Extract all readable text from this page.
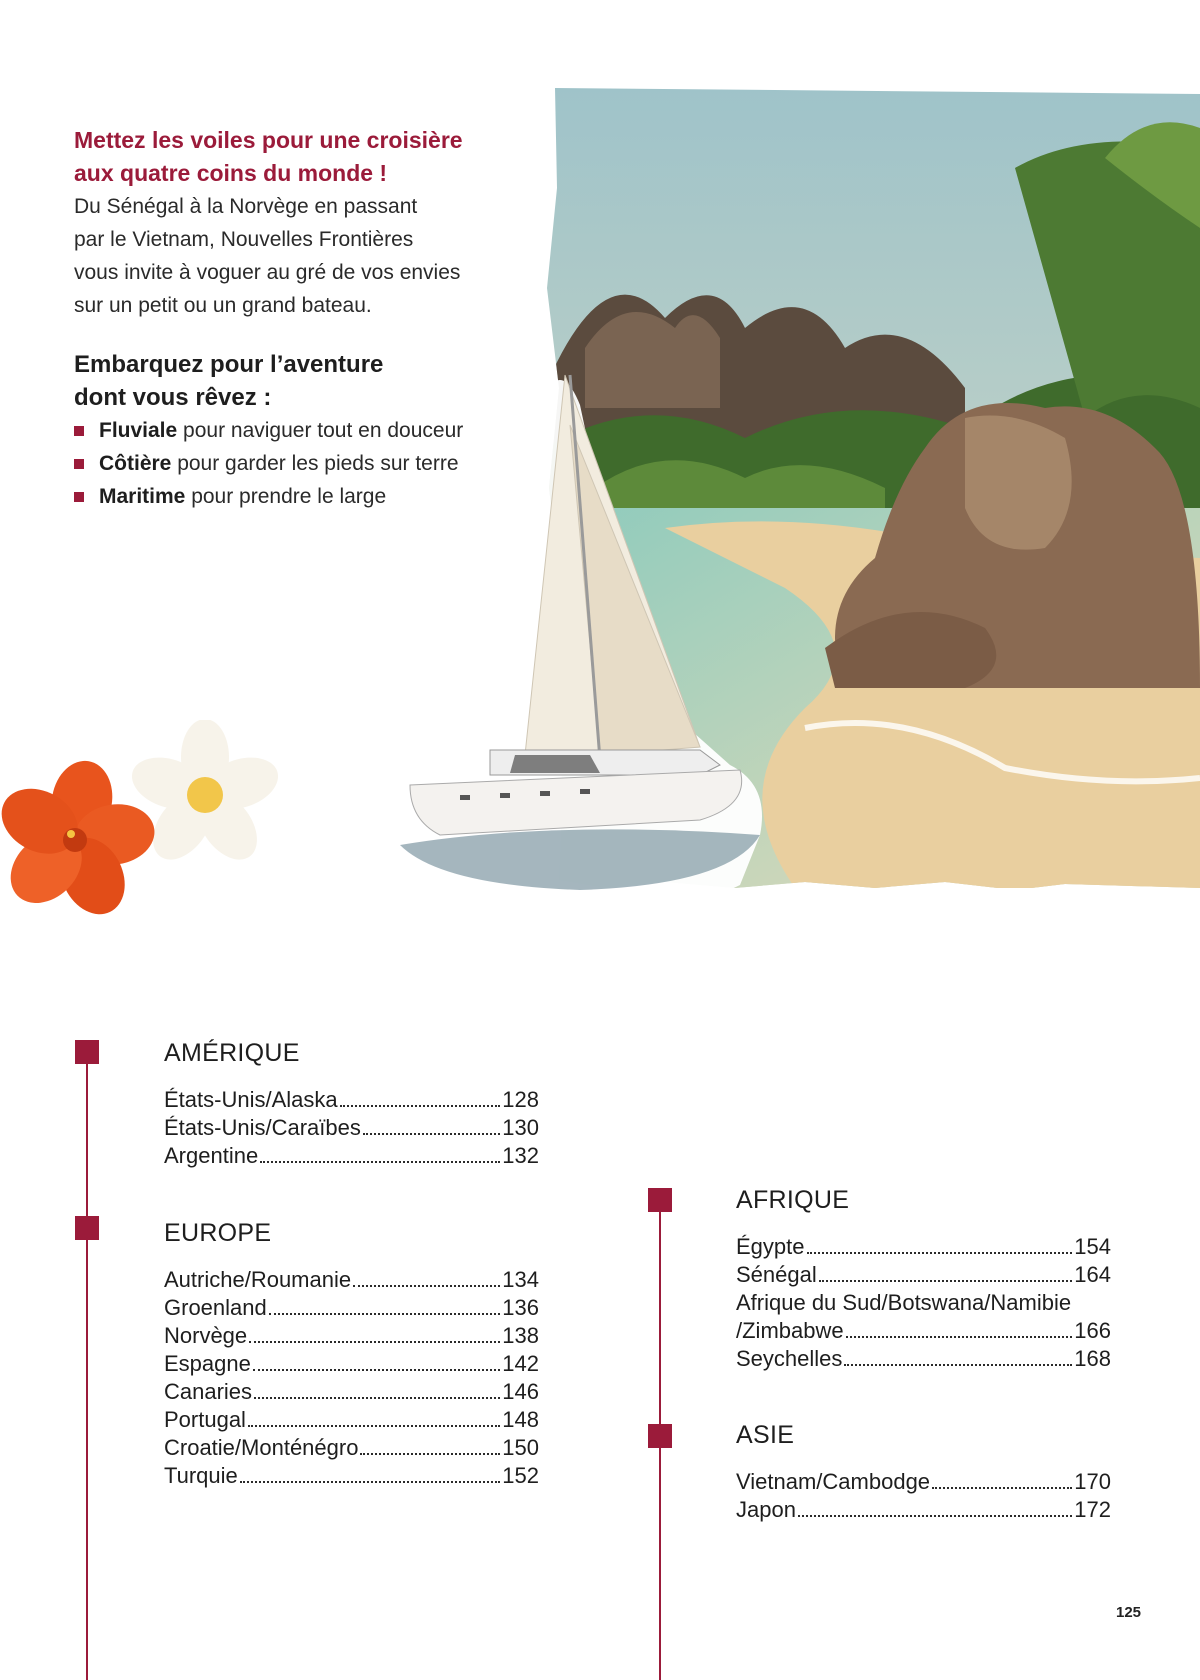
Mettez les voiles pour une croisière
aux quatre coins du monde !

Du Sénégal à la Norvège en passant
par le Vietnam, Nouvelles Frontières
vous invite à voguer au gré de vos envies
sur un petit ou un grand bateau.

Embarquez pour l’aventure
dont vous rêvez :

Fluviale pour naviguer tout en douceur
Côtière pour garder les pieds sur terre
Maritime pour prendre le large
AMÉRIQUE
États-Unis/Alaska	128
États-Unis/Caraïbes	130
Argentine	132
EUROPE
Autriche/Roumanie	134
Groenland	136
Norvège	138
Espagne	142
Canaries	146
Portugal	148
Croatie/Monténégro	150
Turquie	152
AFRIQUE
Égypte	154
Sénégal	164
Afrique du Sud/Botswana/Namibie
/Zimbabwe	166
Seychelles	168
ASIE
Vietnam/Cambodge	170
Japon	172
125
